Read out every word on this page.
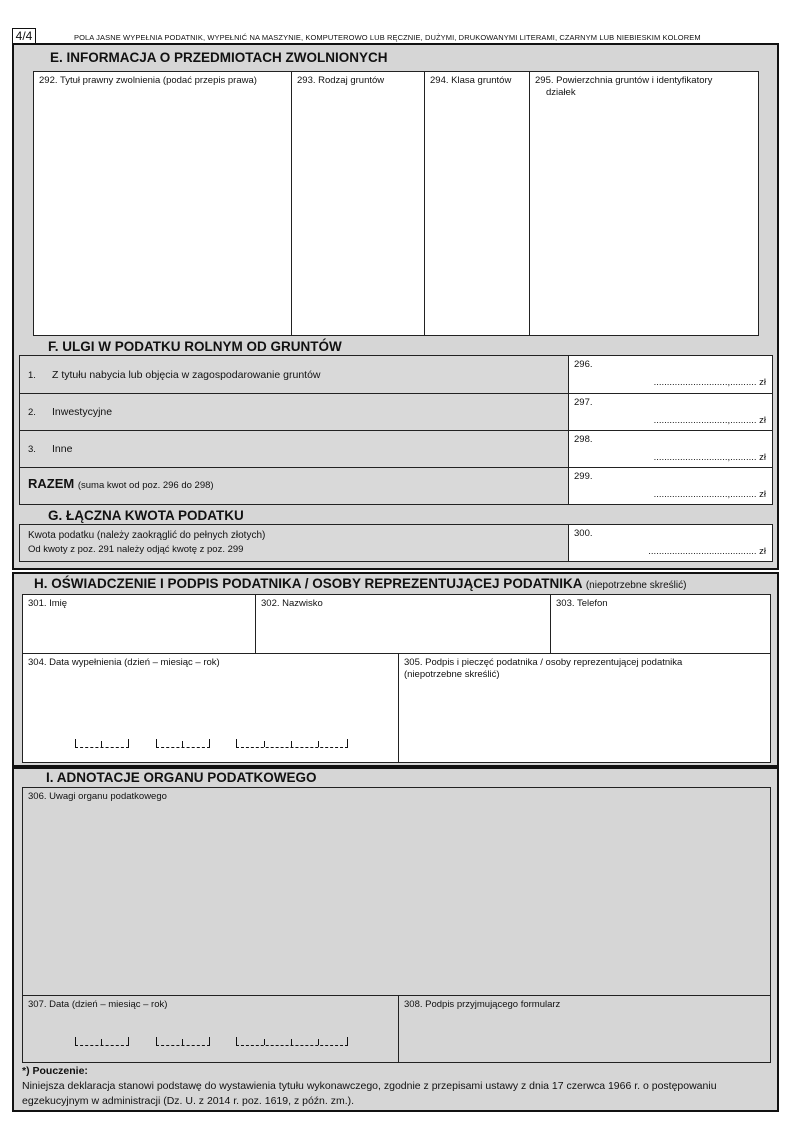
4/4	POLA JASNE WYPEŁNIA PODATNIK, WYPEŁNIĆ NA MASZYNIE, KOMPUTEROWO LUB RĘCZNIE, DUŻYMI, DRUKOWANYMI LITERAMI, CZARNYM LUB NIEBIESKIM KOLOREM
E. INFORMACJA O PRZEDMIOTACH ZWOLNIONYCH
292. Tytuł prawny zwolnienia (podać przepis prawa)	293. Rodzaj gruntów	294. Klasa gruntów	295. Powierzchnia gruntów i identyfikatory
działek
F. ULGI W PODATKU ROLNYM OD GRUNTÓW
1. Z tytułu nabycia lub objęcia w zagospodarowanie gruntów
296.
............................,.......... zł
2. Inwestycyjne
297.
............................,.......... zł
3. Inne
298.
............................,.......... zł
RAZEM (suma kwot od poz. 296 do 298)
299.
............................,.......... zł
G. ŁĄCZNA KWOTA PODATKU
Kwota podatku (należy zaokrąglić do pełnych złotych)
Od kwoty z poz. 291 należy odjąć kwotę z poz. 299
300.
......................................... zł
H. OŚWIADCZENIE I PODPIS PODATNIKA / OSOBY REPREZENTUJĄCEJ PODATNIKA (niepotrzebne skreślić)
301. Imię	302. Nazwisko	303. Telefon
304. Data wypełnienia (dzień – miesiąc – rok)	305. Podpis i pieczęć podatnika / osoby reprezentującej podatnika
(niepotrzebne skreślić)
I. ADNOTACJE ORGANU PODATKOWEGO
306. Uwagi organu podatkowego
307. Data (dzień – miesiąc – rok)	308. Podpis przyjmującego formularz
*) Pouczenie:
Niniejsza deklaracja stanowi podstawę do wystawienia tytułu wykonawczego, zgodnie z przepisami ustawy z dnia 17 czerwca 1966 r. o postępowaniu
egzekucyjnym w administracji (Dz. U. z 2014 r. poz. 1619, z późn. zm.).
